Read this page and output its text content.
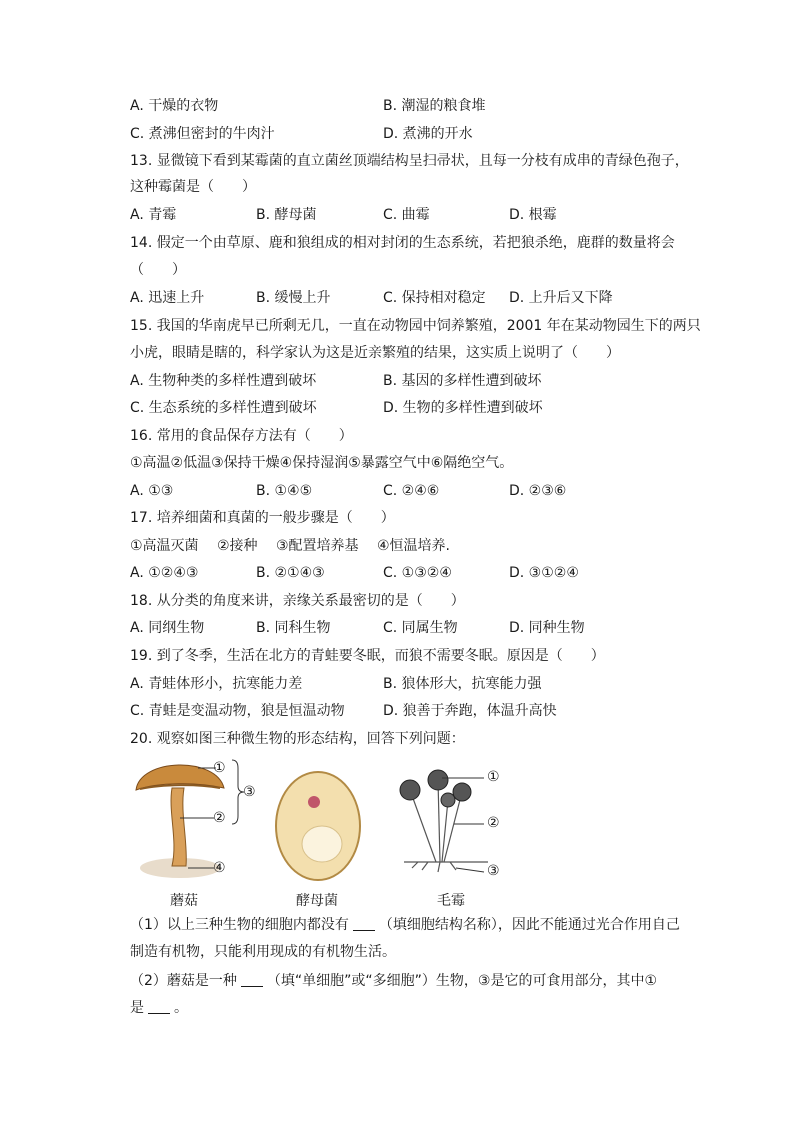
A. 干燥的衣物	B. 潮湿的粮食堆
C. 煮沸但密封的牛肉汁	D. 煮沸的开水
13. 显微镜下看到某霉菌的直立菌丝顶端结构呈扫帚状，且每一分枝有成串的青绿色孢子，
这种霉菌是（　　）
A. 青霉	B. 酵母菌	C. 曲霉	D. 根霉
14. 假定一个由草原、鹿和狼组成的相对封闭的生态系统，若把狼杀绝，鹿群的数量将会
（　　）
A. 迅速上升	B. 缓慢上升	C. 保持相对稳定 D. 上升后又下降
15. 我国的华南虎早已所剩无几，一直在动物园中饲养繁殖，2001 年在某动物园生下的两只
小虎，眼睛是瞎的，科学家认为这是近亲繁殖的结果，这实质上说明了（　　）
A. 生物种类的多样性遭到破坏	B. 基因的多样性遭到破坏
C. 生态系统的多样性遭到破坏	D. 生物的多样性遭到破坏
16. 常用的食品保存方法有（　　）
①高温②低温③保持干燥④保持湿润⑤暴露空气中⑥隔绝空气。
A. ①③	B. ①④⑤	C. ②④⑥	D. ②③⑥
17. 培养细菌和真菌的一般步骤是（　　）
①高温灭菌　 ②接种　 ③配置培养基　 ④恒温培养.
A. ①②④③	B. ②①④③	C. ①③②④	D. ③①②④
18. 从分类的角度来讲，亲缘关系最密切的是（　　）
A. 同纲生物	B. 同科生物	C. 同属生物	D. 同种生物
19. 到了冬季，生活在北方的青蛙要冬眠，而狼不需要冬眠。原因是（　　）
A. 青蛙体形小，抗寒能力差	B. 狼体形大，抗寒能力强
C. 青蛙是变温动物，狼是恒温动物	D. 狼善于奔跑，体温升高快
20. 观察如图三种微生物的形态结构，回答下列问题：
①
②
③
④
蘑菇	酵母菌
①
②
③
毛霉
（1）以上三种生物的细胞内都没有 （填细胞结构名称），因此不能通过光合作用自己
制造有机物，只能利用现成的有机物生活。
（2）蘑菇是一种 （填“单细胞”或“多细胞”）生物，③是它的可食用部分，其中①
是 。
